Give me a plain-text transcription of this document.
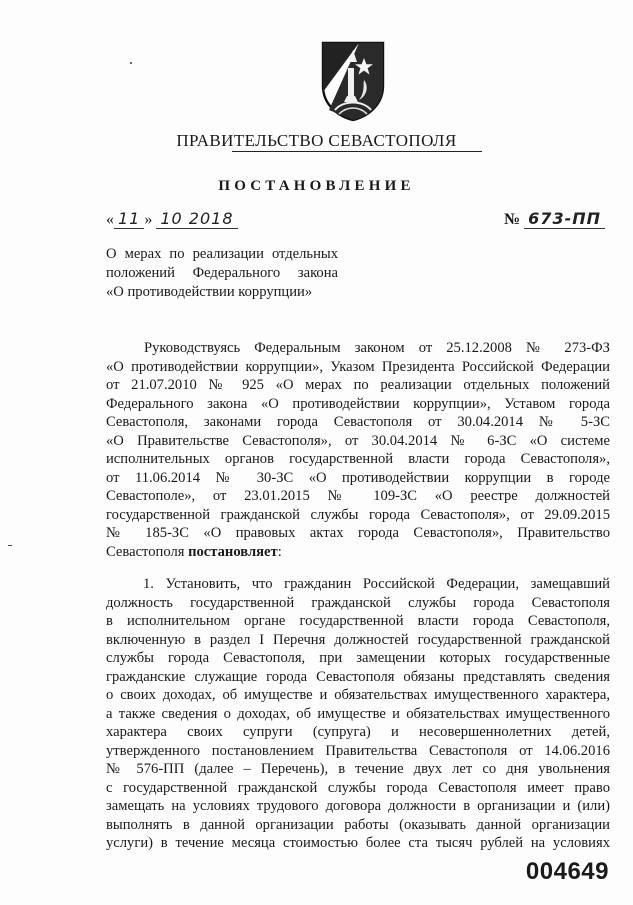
ПРАВИТЕЛЬСТВО СЕВАСТОПОЛЯ
ПОСТАНОВЛЕНИЕ
« 11 » 10 2018	№ 673-ПП
О мерах по реализации отдельных
положений Федерального закона
«О противодействии коррупции»
Руководствуясь Федеральным законом от 25.12.2008 № 273-ФЗ
«О противодействии коррупции», Указом Президента Российской Федерации
от 21.07.2010 № 925 «О мерах по реализации отдельных положений
Федерального закона «О противодействии коррупции», Уставом города
Севастополя, законами города Севастополя от 30.04.2014 № 5-ЗС
«О Правительстве Севастополя», от 30.04.2014 № 6-ЗС «О системе
исполнительных органов государственной власти города Севастополя»,
от 11.06.2014 № 30-ЗС «О противодействии коррупции в городе
Севастополе», от 23.01.2015 № 109-ЗС «О реестре должностей
государственной гражданской службы города Севастополя», от 29.09.2015
№ 185-ЗС «О правовых актах города Севастополя», Правительство
Севастополя постановляет:
1. Установить, что гражданин Российской Федерации, замещавший
должность государственной гражданской службы города Севастополя
в исполнительном органе государственной власти города Севастополя,
включенную в раздел I Перечня должностей государственной гражданской
службы города Севастополя, при замещении которых государственные
гражданские служащие города Севастополя обязаны представлять сведения
о своих доходах, об имуществе и обязательствах имущественного характера,
а также сведения о доходах, об имуществе и обязательствах имущественного
характера своих супруги (супруга) и несовершеннолетних детей,
утвержденного постановлением Правительства Севастополя от 14.06.2016
№ 576-ПП (далее – Перечень), в течение двух лет со дня увольнения
с государственной гражданской службы города Севастополя имеет право
замещать на условиях трудового договора должности в организации и (или)
выполнять в данной организации работы (оказывать данной организации
услуги) в течение месяца стоимостью более ста тысяч рублей на условиях
004649
